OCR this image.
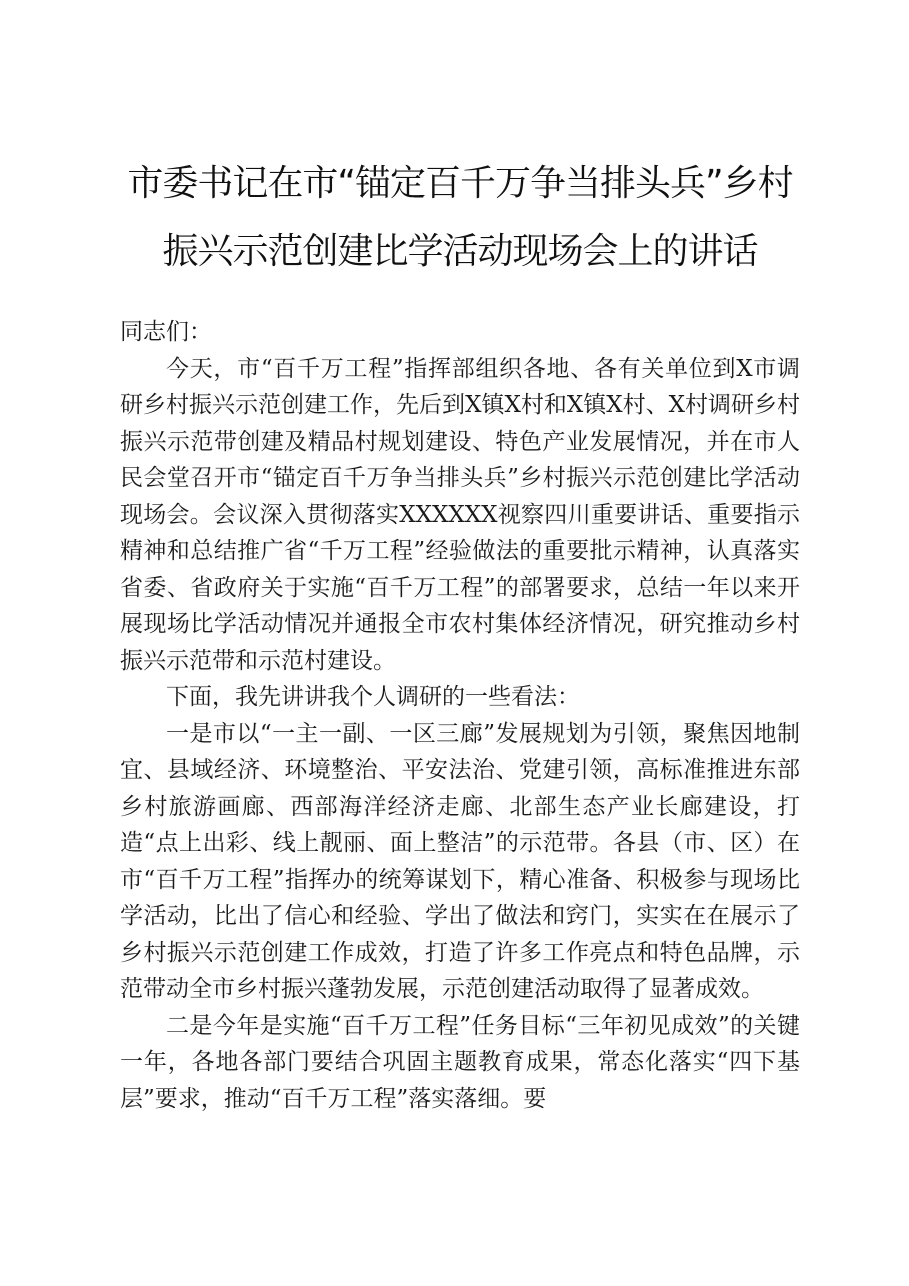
市委书记在市“锚定百千万争当排头兵”乡村
振兴示范创建比学活动现场会上的讲话

同志们：

今天，市“百千万工程”指挥部组织各地、各有关单位到X市调研乡村振兴示范创建工作，先后到X镇X村和X镇X村、X村调研乡村振兴示范带创建及精品村规划建设、特色产业发展情况，并在市人民会堂召开市“锚定百千万争当排头兵”乡村振兴示范创建比学活动现场会。会议深入贯彻落实XXXXXX视察四川重要讲话、重要指示精神和总结推广省“千万工程”经验做法的重要批示精神，认真落实省委、省政府关于实施“百千万工程”的部署要求，总结一年以来开展现场比学活动情况并通报全市农村集体经济情况，研究推动乡村振兴示范带和示范村建设。

下面，我先讲讲我个人调研的一些看法：

一是市以“一主一副、一区三廊”发展规划为引领，聚焦因地制宜、县域经济、环境整治、平安法治、党建引领，高标准推进东部乡村旅游画廊、西部海洋经济走廊、北部生态产业长廊建设，打造“点上出彩、线上靓丽、面上整洁”的示范带。各县（市、区）在市“百千万工程”指挥办的统筹谋划下，精心准备、积极参与现场比学活动，比出了信心和经验、学出了做法和窍门，实实在在展示了乡村振兴示范创建工作成效，打造了许多工作亮点和特色品牌，示范带动全市乡村振兴蓬勃发展，示范创建活动取得了显著成效。

二是今年是实施“百千万工程”任务目标“三年初见成效”的关键一年，各地各部门要结合巩固主题教育成果，常态化落实“四下基层”要求，推动“百千万工程”落实落细。要
